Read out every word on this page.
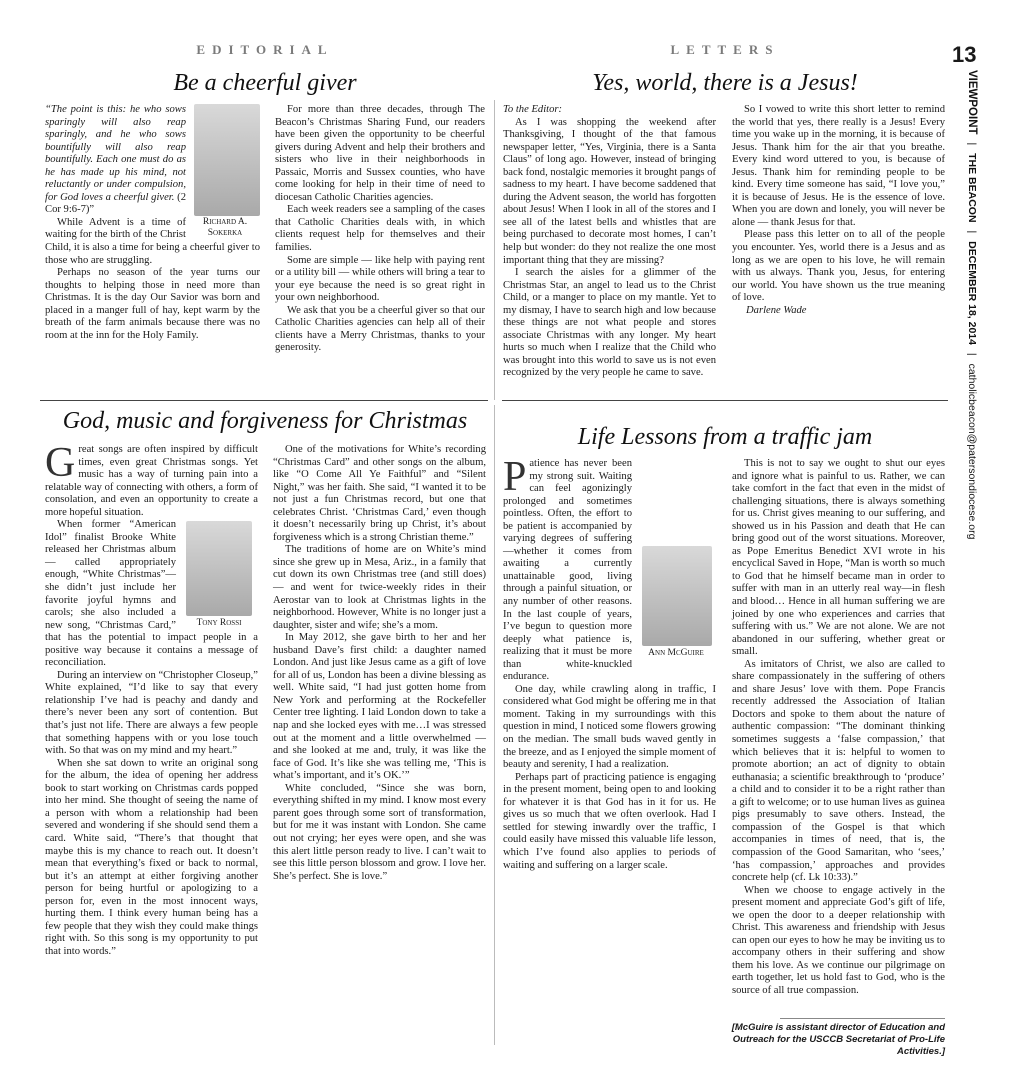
13
VIEWPOINT | THE BEACON | DECEMBER 18, 2014 | catholicbeacon@patersondiocese.org
EDITORIAL	LETTERS
Be a cheerful giver
Richard A. Sokerka

“The point is this: he who sows sparingly will also reap sparingly, and he who sows bountifully will also reap bountifully. Each one must do as he has made up his mind, not reluctantly or under compulsion, for God loves a cheerful giver. (2 Cor 9:6-7)”

While Advent is a time of waiting for the birth of the Christ Child, it is also a time for being a cheerful giver to those who are struggling.

Perhaps no season of the year turns our thoughts to helping those in need more than Christmas. It is the day Our Savior was born and placed in a manger full of hay, kept warm by the breath of the farm animals because there was no room at the inn for the Holy Family.

For more than three decades, through The Beacon’s Christmas Sharing Fund, our readers have been given the opportunity to be cheerful givers during Advent and help their brothers and sisters who live in their neighborhoods in Passaic, Morris and Sussex counties, who have come looking for help in their time of need to diocesan Catholic Charities agencies.

Each week readers see a sampling of the cases that Catholic Charities deals with, in which clients request help for themselves and their families.

Some are simple — like help with paying rent or a utility bill — while others will bring a tear to your eye because the need is so great right in your own neighborhood.

We ask that you be a cheerful giver so that our Catholic Charities agencies can help all of their clients have a Merry Christmas, thanks to your generosity.

Yes, world, there is a Jesus!

To the Editor:

As I was shopping the weekend after Thanksgiving, I thought of the that famous newspaper letter, “Yes, Virginia, there is a Santa Claus” of long ago. However, instead of bringing back fond, nostalgic memories it brought pangs of sadness to my heart. I have become saddened that during the Advent season, the world has forgotten about Jesus! When I look in all of the stores and I see all of the latest bells and whistles that are being purchased to decorate most homes, I can’t help but wonder: do they not realize the one most important thing that they are missing?

I search the aisles for a glimmer of the Christmas Star, an angel to lead us to the Christ Child, or a manger to place on my mantle. Yet to my dismay, I have to search high and low because these things are not what people and stores associate Christmas with any longer. My heart hurts so much when I realize that the Child who was brought into this world to save us is not even recognized by the very people he came to save.

So I vowed to write this short letter to remind the world that yes, there really is a Jesus! Every time you wake up in the morning, it is because of Jesus. Thank him for the air that you breathe. Every kind word uttered to you, is because of Jesus. Thank him for reminding people to be kind. Every time someone has said, “I love you,” it is because of Jesus. He is the essence of love. When you are down and lonely, you will never be alone — thank Jesus for that.

Please pass this letter on to all of the people you encounter. Yes, world there is a Jesus and as long as we are open to his love, he will remain with us always. Thank you, Jesus, for entering our world. You have shown us the true meaning of love.

Darlene Wade

God, music and forgiveness for Christmas
G reat songs are often inspired by difficult times, even great Christmas songs. Yet music has a way of turning pain into a relatable way of connecting with others, a form of consolation, and even an opportunity to create a more hopeful situation.

Tony Rossi

When former “American Idol” finalist Brooke White released her Christmas album — called appropriately enough, “White Christmas”— she didn’t just include her favorite joyful hymns and carols; she also included a new song, “Christmas Card,” that has the potential to impact people in a positive way because it contains a message of reconciliation.

During an interview on “Christopher Closeup,” White explained, “I’d like to say that every relationship I’ve had is peachy and dandy and there’s never been any sort of contention. But that’s just not life. There are always a few people that something happens with or you lose touch with. So that was on my mind and my heart.”

When she sat down to write an original song for the album, the idea of opening her address book to start working on Christmas cards popped into her mind. She thought of seeing the name of a person with whom a relationship had been severed and wondering if she should send them a card. White said, “There’s that thought that maybe this is my chance to reach out. It doesn’t mean that everything’s fixed or back to normal, but it’s an attempt at either forgiving another person for being hurtful or apologizing to a person for, even in the most innocent ways, hurting them. I think every human being has a few people that they wish they could make things right with. So this song is my opportunity to put that into words.”

One of the motivations for White’s recording “Christmas Card” and other songs on the album, like “O Come All Ye Faithful” and “Silent Night,” was her faith. She said, “I wanted it to be not just a fun Christmas record, but one that celebrates Christ. ‘Christmas Card,’ even though it doesn’t necessarily bring up Christ, it’s about forgiveness which is a strong Christian theme.”

The traditions of home are on White’s mind since she grew up in Mesa, Ariz., in a family that cut down its own Christmas tree (and still does) — and went for twice-weekly rides in their Aerostar van to look at Christmas lights in the neighborhood. However, White is no longer just a daughter, sister and wife; she’s a mom.

In May 2012, she gave birth to her and her husband Dave’s first child: a daughter named London. And just like Jesus came as a gift of love for all of us, London has been a divine blessing as well. White said, “I had just gotten home from New York and performing at the Rockefeller Center tree lighting. I laid London down to take a nap and she locked eyes with me…I was stressed out at the moment and a little overwhelmed — and she looked at me and, truly, it was like the face of God. It’s like she was telling me, ‘This is what’s important, and it’s OK.’”

White concluded, “Since she was born, everything shifted in my mind. I know most every parent goes through some sort of transformation, but for me it was instant with London. She came out not crying; her eyes were open, and she was this alert little person ready to live. I can’t wait to see this little person blossom and grow. I love her. She’s perfect. She is love.”

Life Lessons from a traffic jam
P
Ann McGuire

atience has never been my strong suit. Waiting can feel agonizingly prolonged and sometimes pointless. Often, the effort to be patient is accompanied by varying degrees of suffering—whether it comes from awaiting a currently unattainable good, living through a painful situation, or any number of other reasons. In the last couple of years, I’ve begun to question more deeply what patience is, realizing that it must be more than white-knuckled endurance.

One day, while crawling along in traffic, I considered what God might be offering me in that moment. Taking in my surroundings with this question in mind, I noticed some flowers growing on the median. The small buds waved gently in the breeze, and as I enjoyed the simple moment of beauty and serenity, I had a realization.

Perhaps part of practicing patience is engaging in the present moment, being open to and looking for whatever it is that God has in it for us. He gives us so much that we often overlook. Had I settled for stewing inwardly over the traffic, I could easily have missed this valuable life lesson, which I’ve found also applies to periods of waiting and suffering on a larger scale.

This is not to say we ought to shut our eyes and ignore what is painful to us. Rather, we can take comfort in the fact that even in the midst of challenging situations, there is always something for us. Christ gives meaning to our suffering, and showed us in his Passion and death that He can bring good out of the worst situations. Moreover, as Pope Emeritus Benedict XVI wrote in his encyclical Saved in Hope, “Man is worth so much to God that he himself became man in order to suffer with man in an utterly real way—in flesh and blood… Hence in all human suffering we are joined by one who experiences and carries that suffering with us.” We are not alone. We are not abandoned in our suffering, whether great or small.

As imitators of Christ, we also are called to share compassionately in the suffering of others and share Jesus’ love with them. Pope Francis recently addressed the Association of Italian Doctors and spoke to them about the nature of authentic compassion: “The dominant thinking sometimes suggests a ‘false compassion,’ that which believes that it is: helpful to women to promote abortion; an act of dignity to obtain euthanasia; a scientific breakthrough to ‘produce’ a child and to consider it to be a right rather than a gift to welcome; or to use human lives as guinea pigs presumably to save others. Instead, the compassion of the Gospel is that which accompanies in times of need, that is, the compassion of the Good Samaritan, who ‘sees,’ ‘has compassion,’ approaches and provides concrete help (cf. Lk 10:33).”

When we choose to engage actively in the present moment and appreciate God’s gift of life, we open the door to a deeper relationship with Christ. This awareness and friendship with Jesus can open our eyes to how he may be inviting us to accompany others in their suffering and show them his love. As we continue our pilgrimage on earth together, let us hold fast to God, who is the source of all true compassion.

[McGuire is assistant director of Education and Outreach for the USCCB Secretariat of Pro-Life Activities.]
